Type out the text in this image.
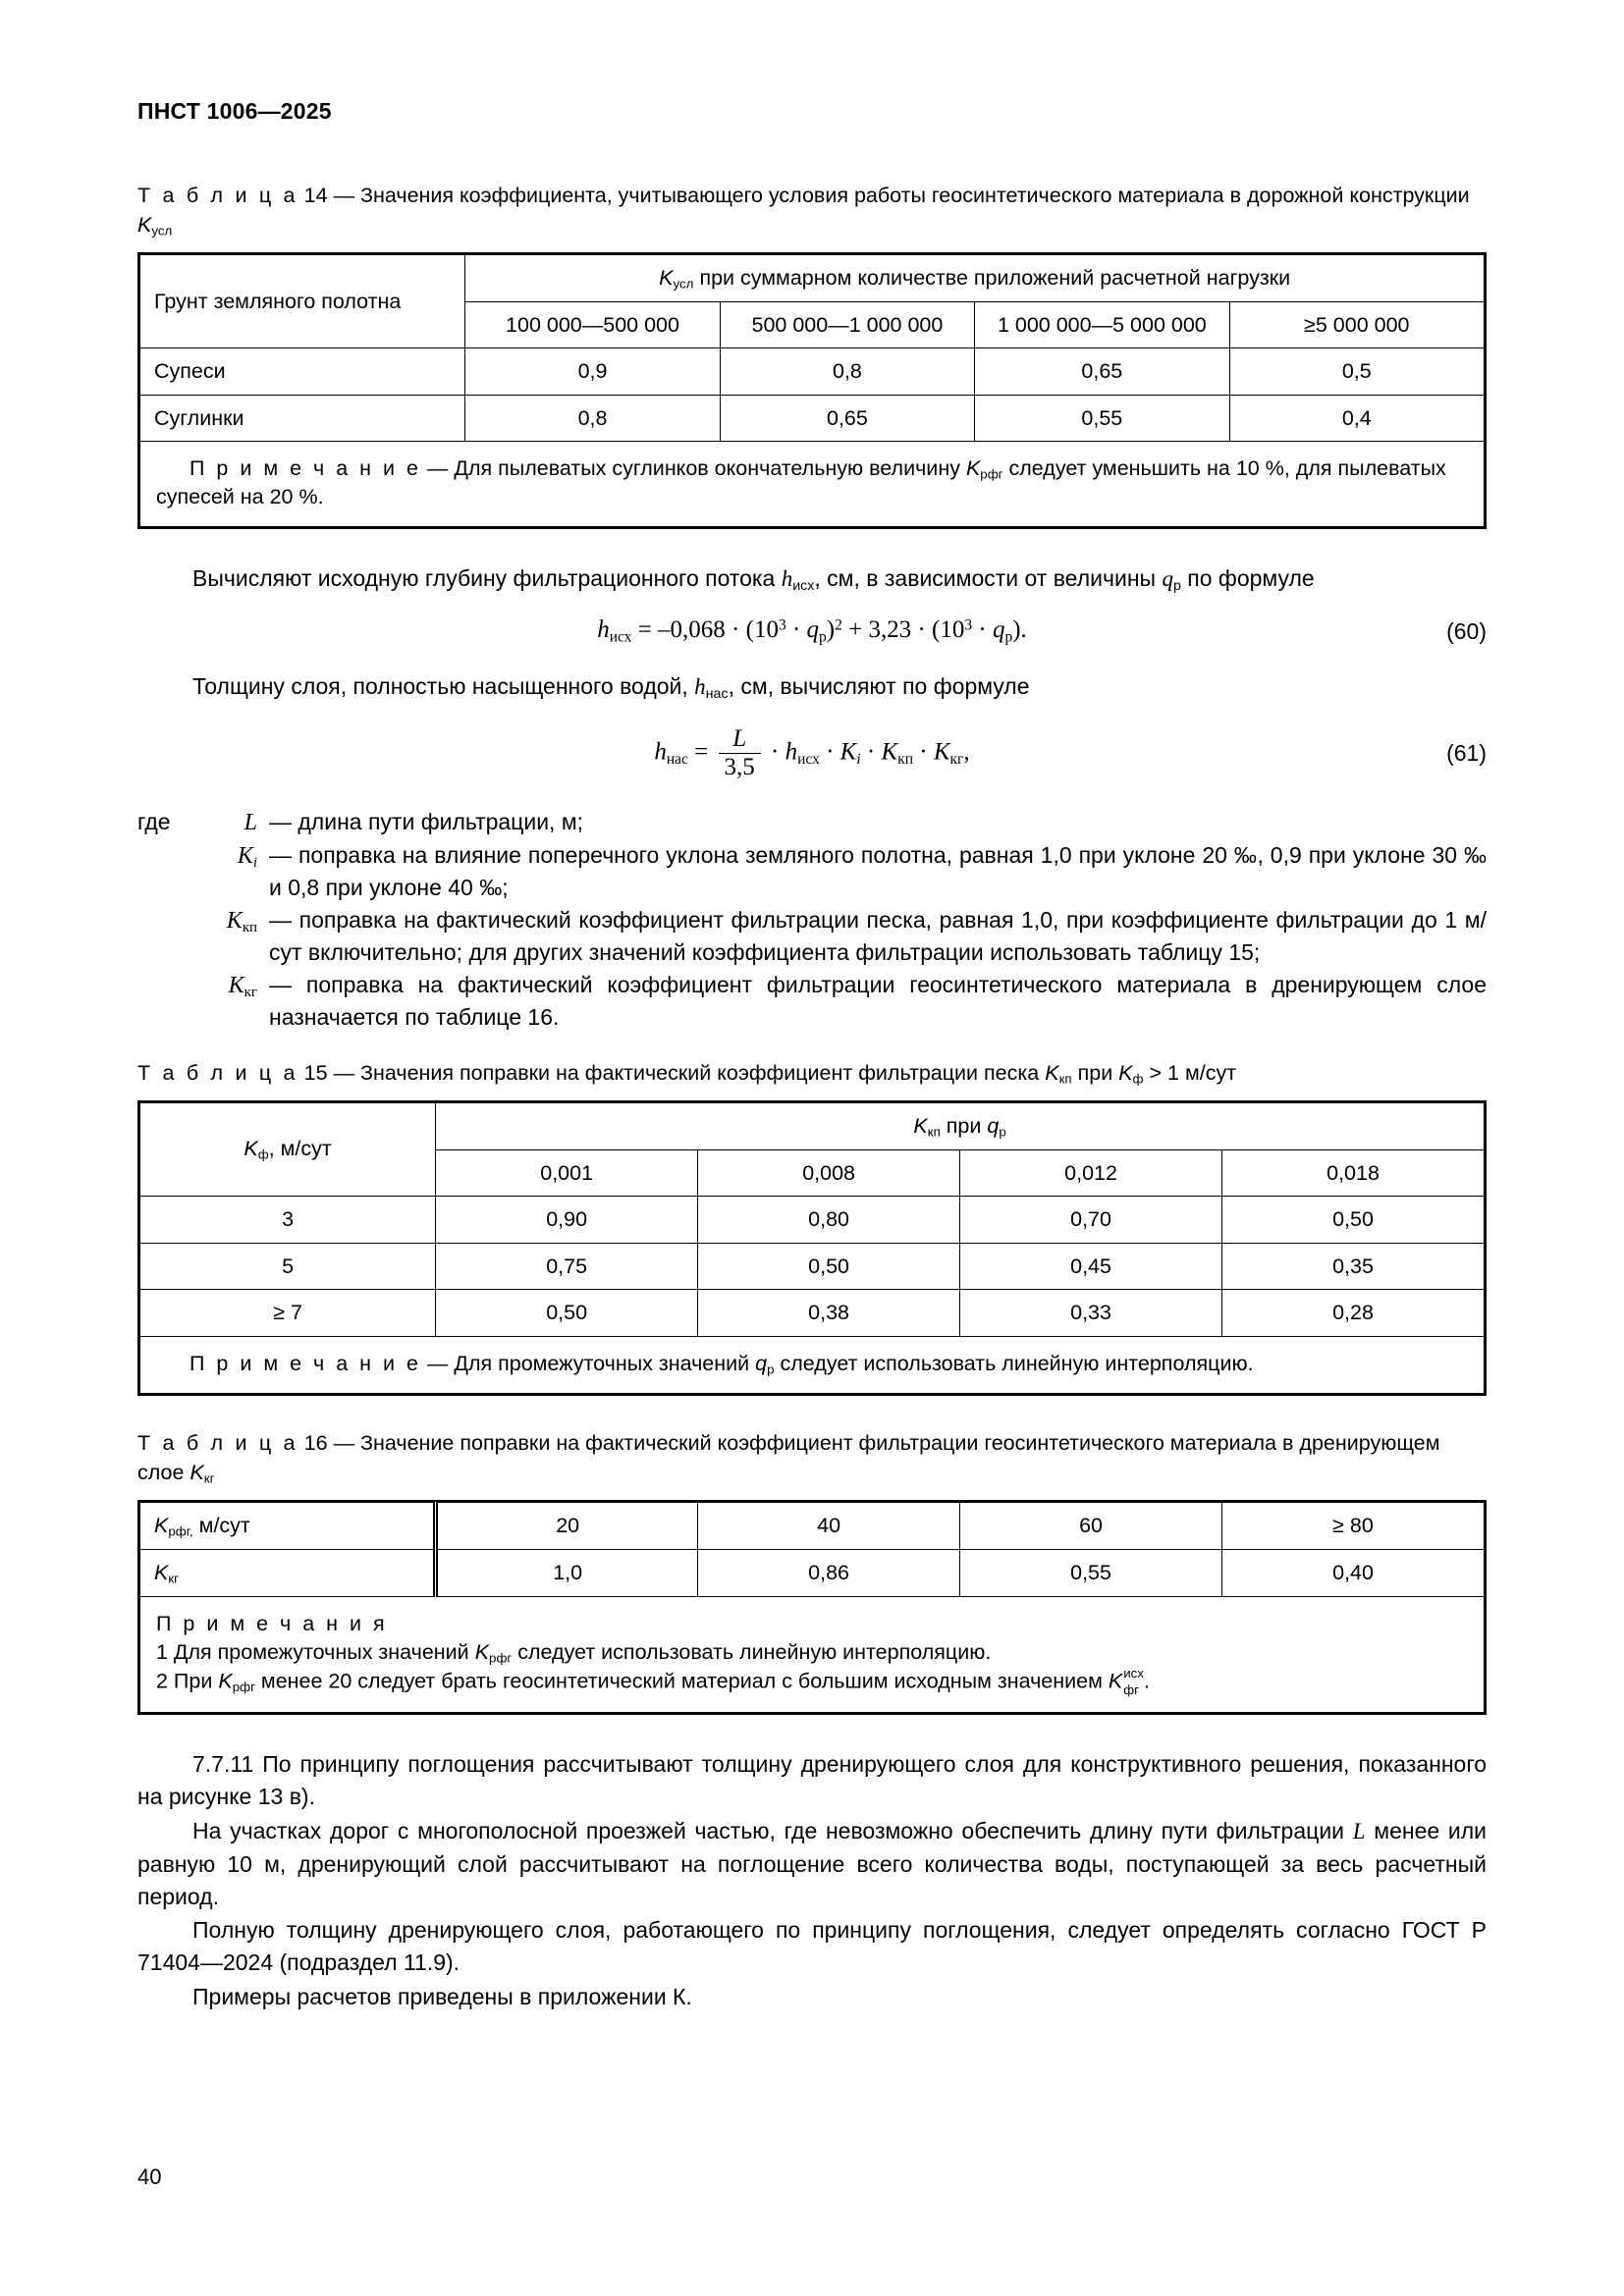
ПНСТ 1006—2025
Т а б л и ц а 14 — Значения коэффициента, учитывающего условия работы геосинтетического материала в дорожной конструкции $K_{усл}$
Грунт земляного полотна	$K_{усл}$ при суммарном количестве приложений расчетной нагрузки			
	100 000—500 000	500 000—1 000 000	1 000 000—5 000 000	≥5 000 000
Супеси	0,9	0,8	0,65	0,5
Суглинки	0,8	0,65	0,55	0,4
П р и м е ч а н и е — Для пылеватых суглинков окончательную величину $K_{рфг}$ следует уменьшить на 10 %, для пылеватых супесей на 20 %.				

Вычисляют исходную глубину фильтрационного потока $h_{исх}$, см, в зависимости от величины $q_р$ по формуле

$h_{исх} = -0,068 \cdot (10^3 \cdot q_р)^2 + 3,23 \cdot (10^3 \cdot q_р)$.	(60)

Толщину слоя, полностью насыщенного водой, $h_{нас}$, см, вычисляют по формуле

$h_{нас} = \frac{L}{3,5} \cdot h_{исх} \cdot K_i \cdot K_{кп} \cdot K_{кг}$,	(61)
где	L — длина пути фильтрации, м;
$K_i$ — поправка на влияние поперечного уклона земляного полотна, равная 1,0 при уклоне 20 ‰, 0,9 при уклоне 30 ‰ и 0,8 при уклоне 40 ‰;
$K_{кп}$ — поправка на фактический коэффициент фильтрации песка, равная 1,0, при коэффициенте фильтрации до 1 м/сут включительно; для других значений коэффициента фильтрации использовать таблицу 15;
$K_{кг}$ — поправка на фактический коэффициент фильтрации геосинтетического материала в дренирующем слое назначается по таблице 16.
Т а б л и ц а 15 — Значения поправки на фактический коэффициент фильтрации песка $K_{кп}$ при $K_ф > 1$ м/сут
$K_ф$, м/сут	$K_{кп}$ при $q_р$
	0,001	0,008	0,012	0,018
3	0,90	0,80	0,70	0,50
5	0,75	0,50	0,45	0,35
≥ 7	0,50	0,38	0,33	0,28
П р и м е ч а н и е — Для промежуточных значений $q_р$ следует использовать линейную интерполяцию.				
Т а б л и ц а 16 — Значение поправки на фактический коэффициент фильтрации геосинтетического материала в дренирующем слое $K_{кг}$
$K_{рфг,}$ м/сут	20	40	60	≥ 80
$K_{кг}$	1,0	0,86	0,55	0,40

П р и м е ч а н и я
1 Для промежуточных значений $K_{рфг}$ следует использовать линейную интерполяцию.
2 При $K_{рфг}$ менее 20 следует брать геосинтетический материал с большим исходным значением K исх
фг .

7.7.11 По принципу поглощения рассчитывают толщину дренирующего слоя для конструктивного решения, показанного на рисунке 13 в).

На участках дорог с многополосной проезжей частью, где невозможно обеспечить длину пути фильтрации L менее или равную 10 м, дренирующий слой рассчитывают на поглощение всего количества воды, поступающей за весь расчетный период.

Полную толщину дренирующего слоя, работающего по принципу поглощения, следует определять согласно ГОСТ Р 71404—2024 (подраздел 11.9).

Примеры расчетов приведены в приложении К.

40
